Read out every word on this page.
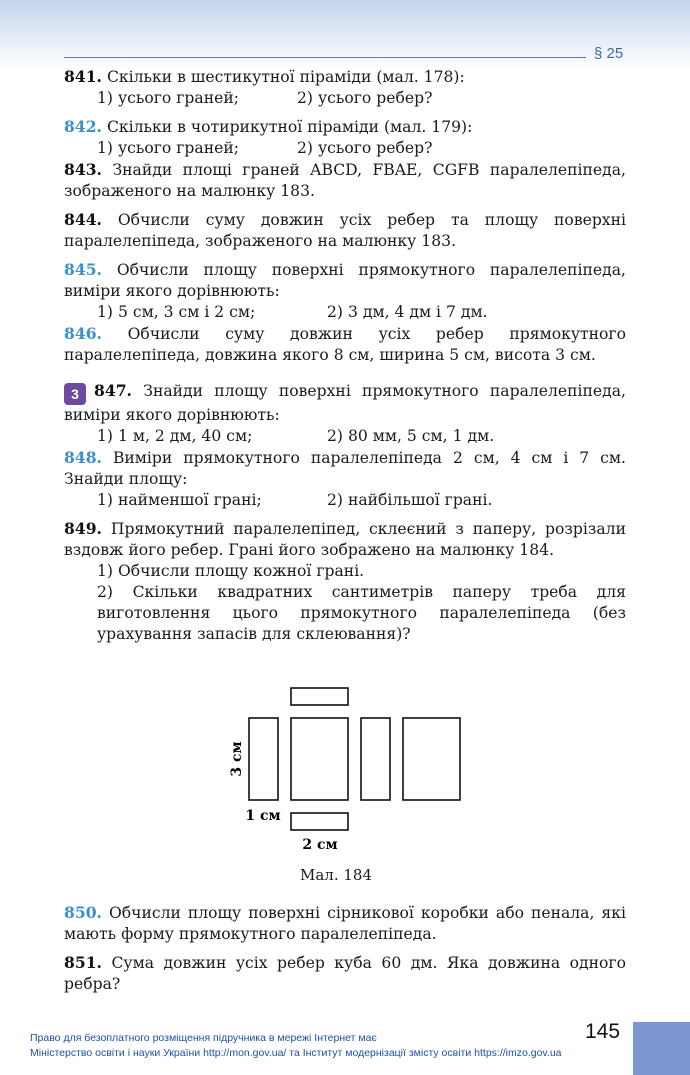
§ 25

841. Скільки в шестикутної піраміди (мал. 178):

1) усього граней;	2) усього ребер?

842. Скільки в чотирикутної піраміди (мал. 179):

1) усього граней;	2) усього ребер?

843. Знайди площі граней ABCD, FBAE, CGFB паралелепіпеда, зображеного на малюнку 183.

844. Обчисли суму довжин усіх ребер та площу поверхні паралелепіпеда, зображеного на малюнку 183.

845. Обчисли площу поверхні прямокутного паралелепіпеда, виміри якого дорівнюють:

1) 5 см, 3 см і 2 см;	2) 3 дм, 4 дм і 7 дм.

846. Обчисли суму довжин усіх ребер прямокутного паралелепіпеда, довжина якого 8 см, ширина 5 см, висота 3 см.

3 847. Знайди площу поверхні прямокутного паралелепіпеда, виміри якого дорівнюють:

1) 1 м, 2 дм, 40 см;	2) 80 мм, 5 см, 1 дм.

848. Виміри прямокутного паралелепіпеда 2 см, 4 см і 7 см. Знайди площу:

1) найменшої грані;	2) найбільшої грані.

849. Прямокутний паралелепіпед, склеєний з паперу, розрізали вздовж його ребер. Грані його зображено на малюнку 184.

1) Обчисли площу кожної грані.

2) Скільки квадратних сантиметрів паперу треба для виготовлення цього прямокутного паралелепіпеда (без урахування запасів для склеювання)?

3 см
1 см
2 см
Мал. 184

850. Обчисли площу поверхні сірникової коробки або пенала, які мають форму прямокутного паралелепіпеда.

851. Сума довжин усіх ребер куба 60 дм. Яка довжина одного ребра?

145
Право для безоплатного розміщення підручника в мережі Інтернет має
Міністерство освіти і науки України http://mon.gov.ua/ та Інститут модернізації змісту освіти https://imzo.gov.ua
